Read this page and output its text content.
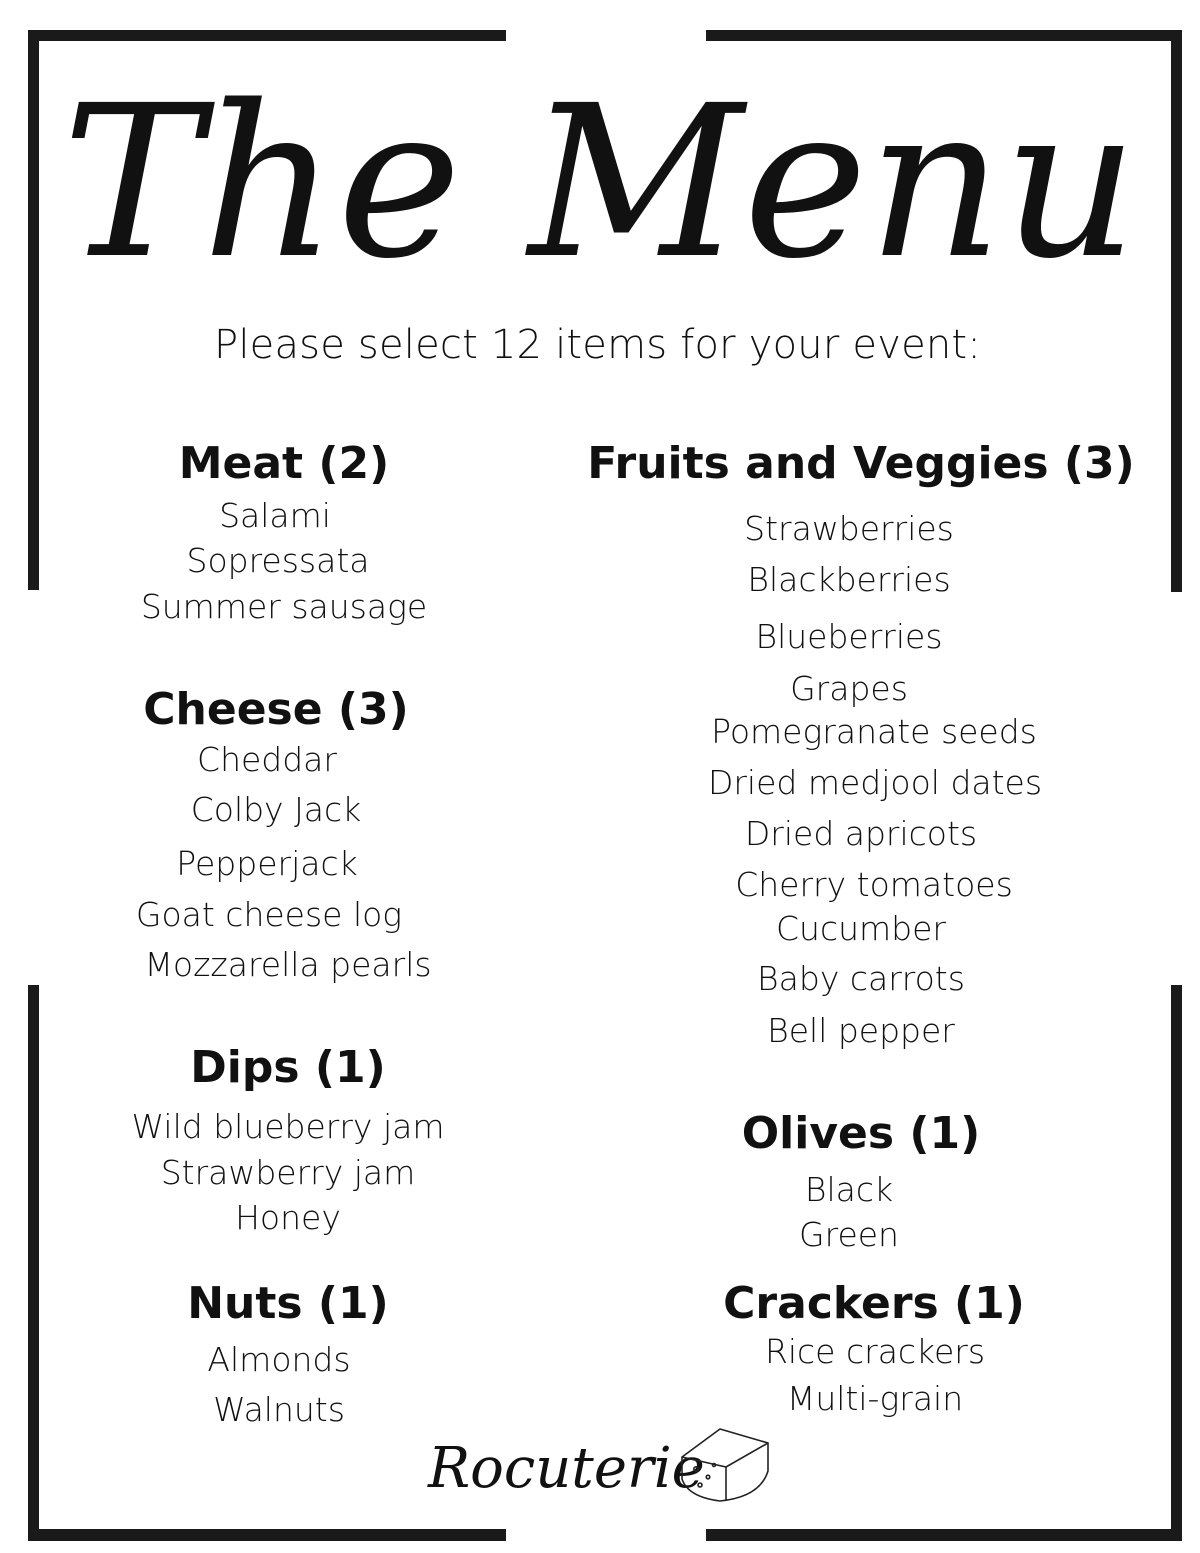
The Menu
Please select 12 items for your event:
Meat (2)
Salami
Sopressata
Summer sausage
Cheese (3)
Cheddar
Colby Jack
Pepperjack
Goat cheese log
Mozzarella pearls
Dips (1)
Wild blueberry jam
Strawberry jam
Honey
Nuts (1)
Almonds
Walnuts
Fruits and Veggies (3)
Strawberries
Blackberries
Blueberries
Grapes
Pomegranate seeds
Dried medjool dates
Dried apricots
Cherry tomatoes
Cucumber
Baby carrots
Bell pepper
Olives (1)
Black
Green
Crackers (1)
Rice crackers
Multi-grain
Rocuterie
